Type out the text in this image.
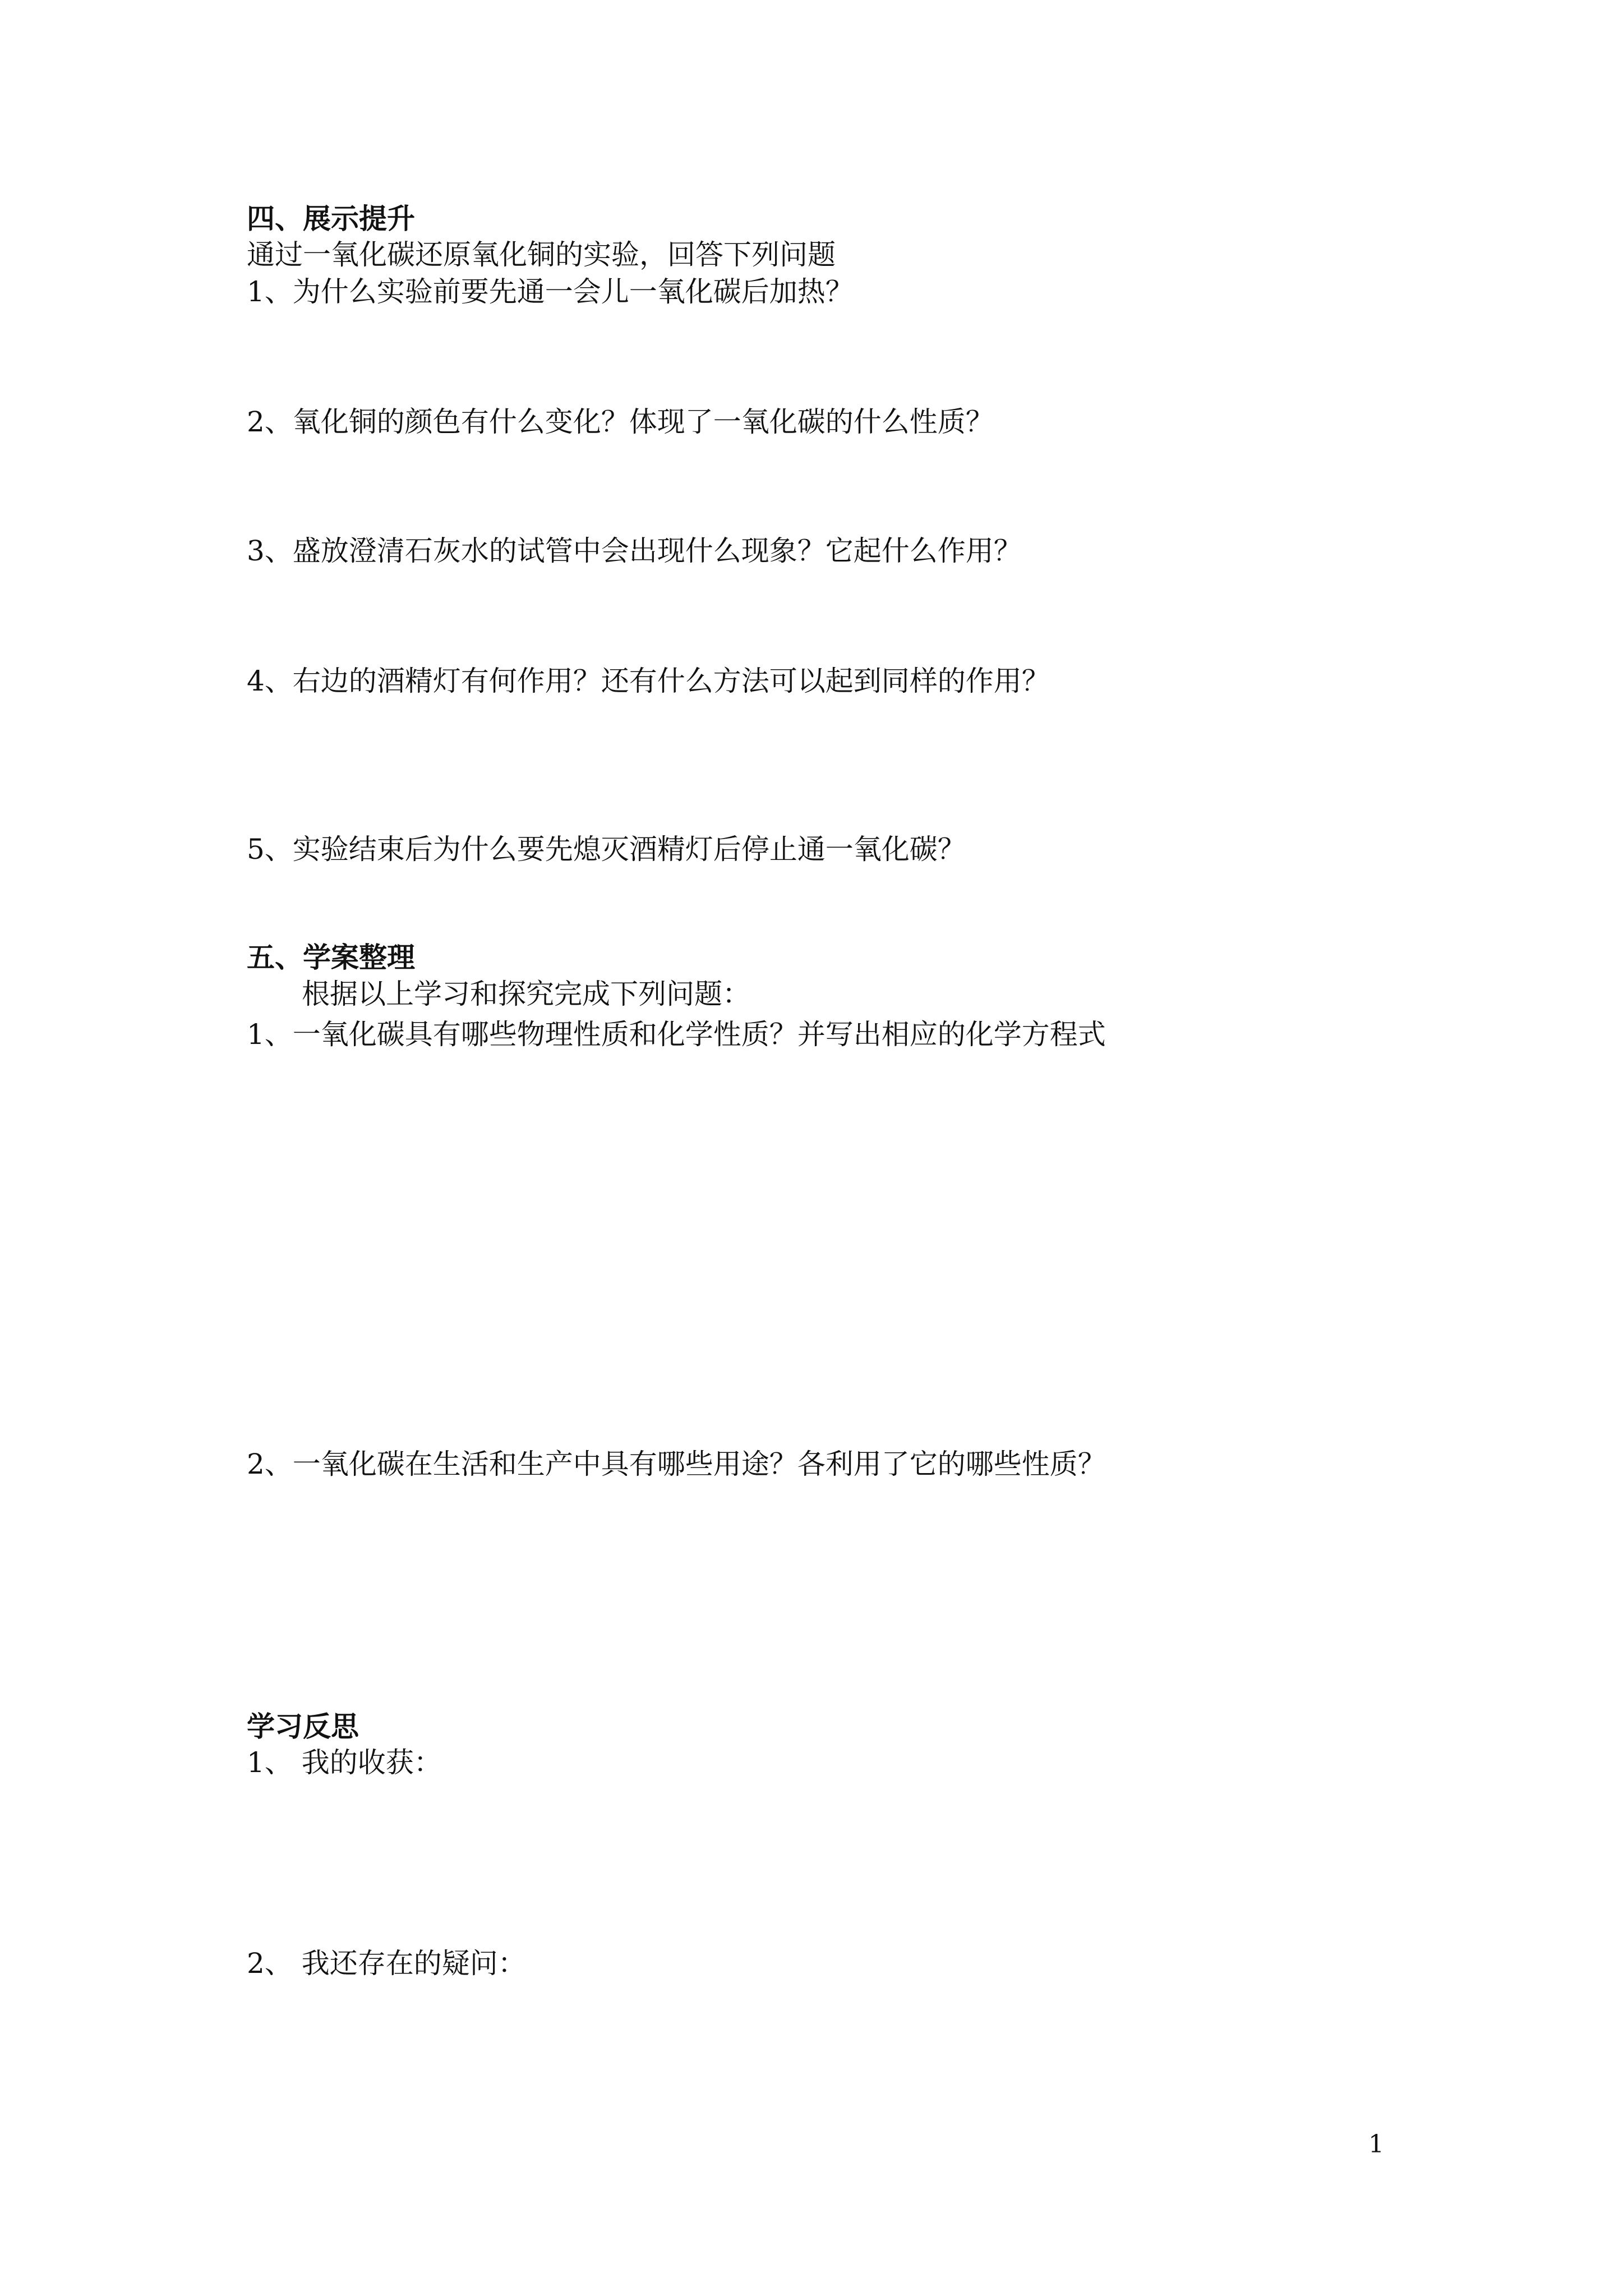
四、展示提升

通过一氧化碳还原氧化铜的实验，回答下列问题

1、为什么实验前要先通一会儿一氧化碳后加热？

2、氧化铜的颜色有什么变化？体现了一氧化碳的什么性质？

3、盛放澄清石灰水的试管中会出现什么现象？它起什么作用？

4、右边的酒精灯有何作用？还有什么方法可以起到同样的作用？

5、实验结束后为什么要先熄灭酒精灯后停止通一氧化碳？

五、学案整理

根据以上学习和探究完成下列问题：

1、一氧化碳具有哪些物理性质和化学性质？并写出相应的化学方程式

2、一氧化碳在生活和生产中具有哪些用途？各利用了它的哪些性质？

学习反思

1、 我的收获：

2、 我还存在的疑问：

1
